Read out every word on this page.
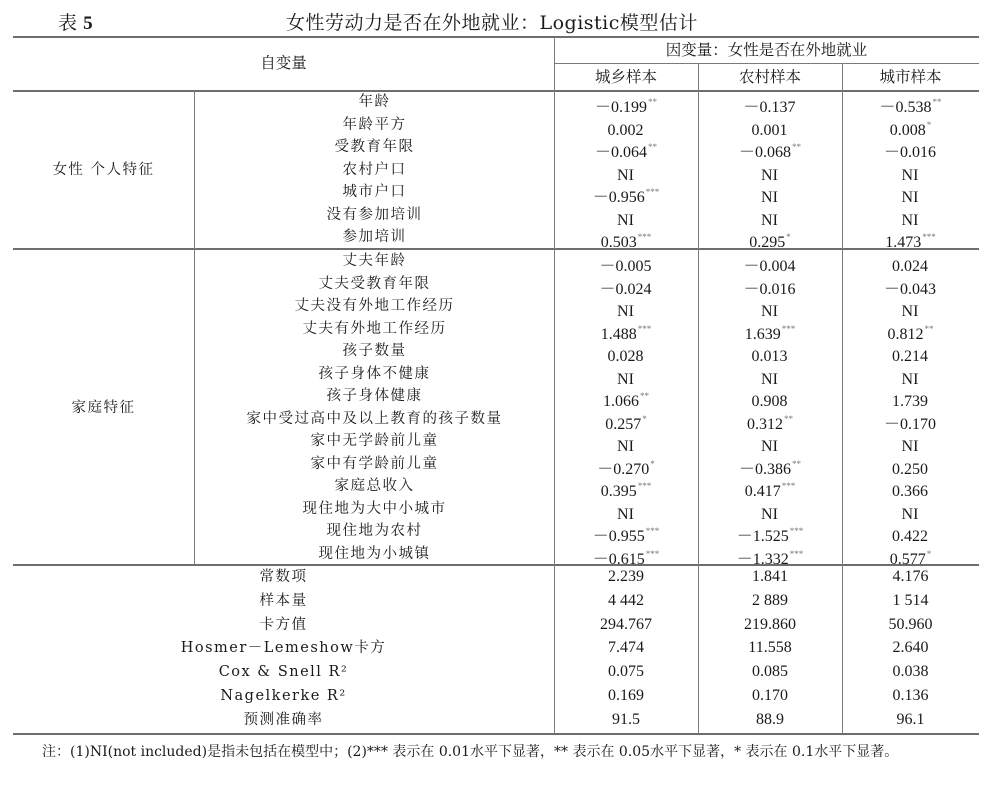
表 5	女性劳动力是否在外地就业：Logistic模型估计
自变量
因变量：女性是否在外地就业
城乡样本	农村样本	城市样本
女性 个人特征
年龄	－0.199**	－0.137	－0.538**
年龄平方	0.002	0.001	0.008*
受教育年限	－0.064**	－0.068**	－0.016
农村户口	NI	NI	NI
城市户口	－0.956***	NI	NI
没有参加培训	NI	NI	NI
参加培训	0.503***	0.295*	1.473***
家庭特征
丈夫年龄	－0.005	－0.004	0.024
丈夫受教育年限	－0.024	－0.016	－0.043
丈夫没有外地工作经历	NI	NI	NI
丈夫有外地工作经历	1.488***	1.639***	0.812**
孩子数量	0.028	0.013	0.214
孩子身体不健康	NI	NI	NI
孩子身体健康	1.066**	0.908	1.739
家中受过高中及以上教育的孩子数量	0.257*	0.312**	－0.170
家中无学龄前儿童	NI	NI	NI
家中有学龄前儿童	－0.270*	－0.386**	0.250
家庭总收入	0.395***	0.417***	0.366
现住地为大中小城市	NI	NI	NI
现住地为农村	－0.955***	－1.525***	0.422
现住地为小城镇	－0.615***	－1.332***	0.577*
常数项	2.239	1.841	4.176
样本量	4 442	2 889	1 514
卡方值	294.767	219.860	50.960
Hosmer－Lemeshow卡方	7.474	11.558	2.640
Cox & Snell R²	0.075	0.085	0.038
Nagelkerke R²	0.169	0.170	0.136
预测准确率	91.5	88.9	96.1
注：(1)NI(not included)是指未包括在模型中；(2)*** 表示在 0.01水平下显著，** 表示在 0.05水平下显著，* 表示在 0.1水平下显著。
